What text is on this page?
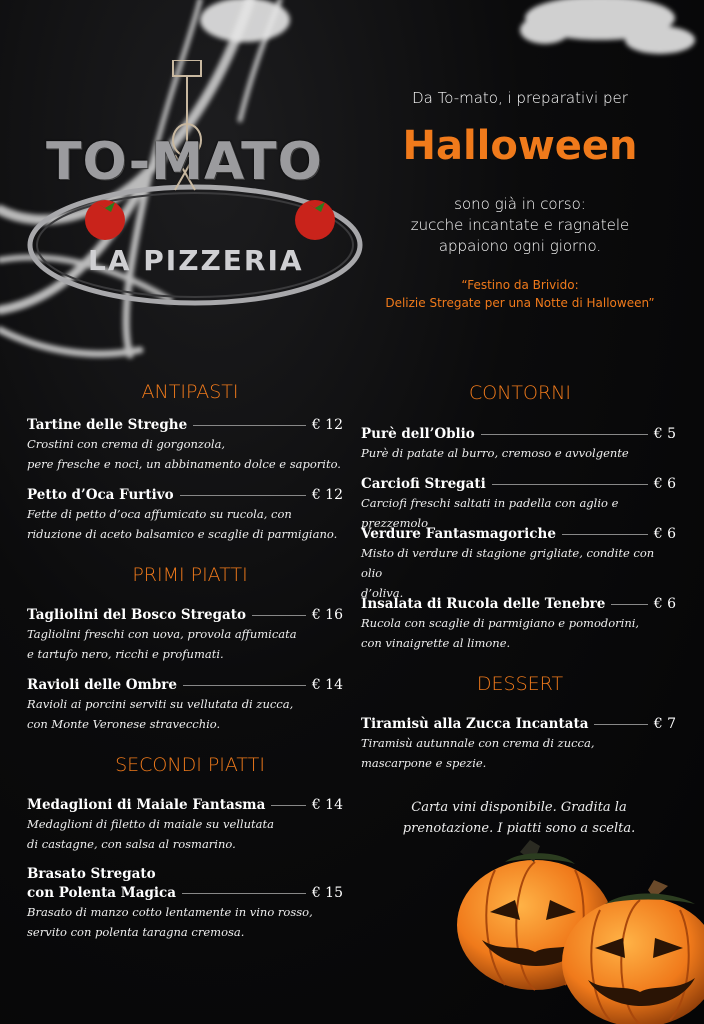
TO-MATO
LA PIZZERIA
Da To-mato, i preparativi per
Halloween
sono già in corso:
zucche incantate e ragnatele
appaiono ogni giorno.
“Festino da Brivido:
Delizie Stregate per una Notte di Halloween”
ANTIPASTI
Tartine delle Streghe	€ 12
Crostini con crema di gorgonzola,
pere fresche e noci, un abbinamento dolce e saporito.
Petto d’Oca Furtivo	€ 12
Fette di petto d’oca affumicato su rucola, con
riduzione di aceto balsamico e scaglie di parmigiano.
PRIMI PIATTI
Tagliolini del Bosco Stregato	€ 16
Tagliolini freschi con uova, provola affumicata
e tartufo nero, ricchi e profumati.
Ravioli delle Ombre	€ 14
Ravioli ai porcini serviti su vellutata di zucca,
con Monte Veronese stravecchio.
SECONDI PIATTI
Medaglioni di Maiale Fantasma	€ 14
Medaglioni di filetto di maiale su vellutata
di castagne, con salsa al rosmarino.
Brasato Stregato
con Polenta Magica	€ 15
Brasato di manzo cotto lentamente in vino rosso,
servito con polenta taragna cremosa.
CONTORNI
Purè dell’Oblio	€ 5
Purè di patate al burro, cremoso e avvolgente
Carciofi Stregati	€ 6
Carciofi freschi saltati in padella con aglio e prezzemolo
Verdure Fantasmagoriche	€ 6
Misto di verdure di stagione grigliate, condite con olio
d’oliva.
Insalata di Rucola delle Tenebre	€ 6
Rucola con scaglie di parmigiano e pomodorini,
con vinaigrette al limone.
DESSERT
Tiramisù alla Zucca Incantata	€ 7
Tiramisù autunnale con crema di zucca,
mascarpone e spezie.
Carta vini disponibile. Gradita la
prenotazione. I piatti sono a scelta.
